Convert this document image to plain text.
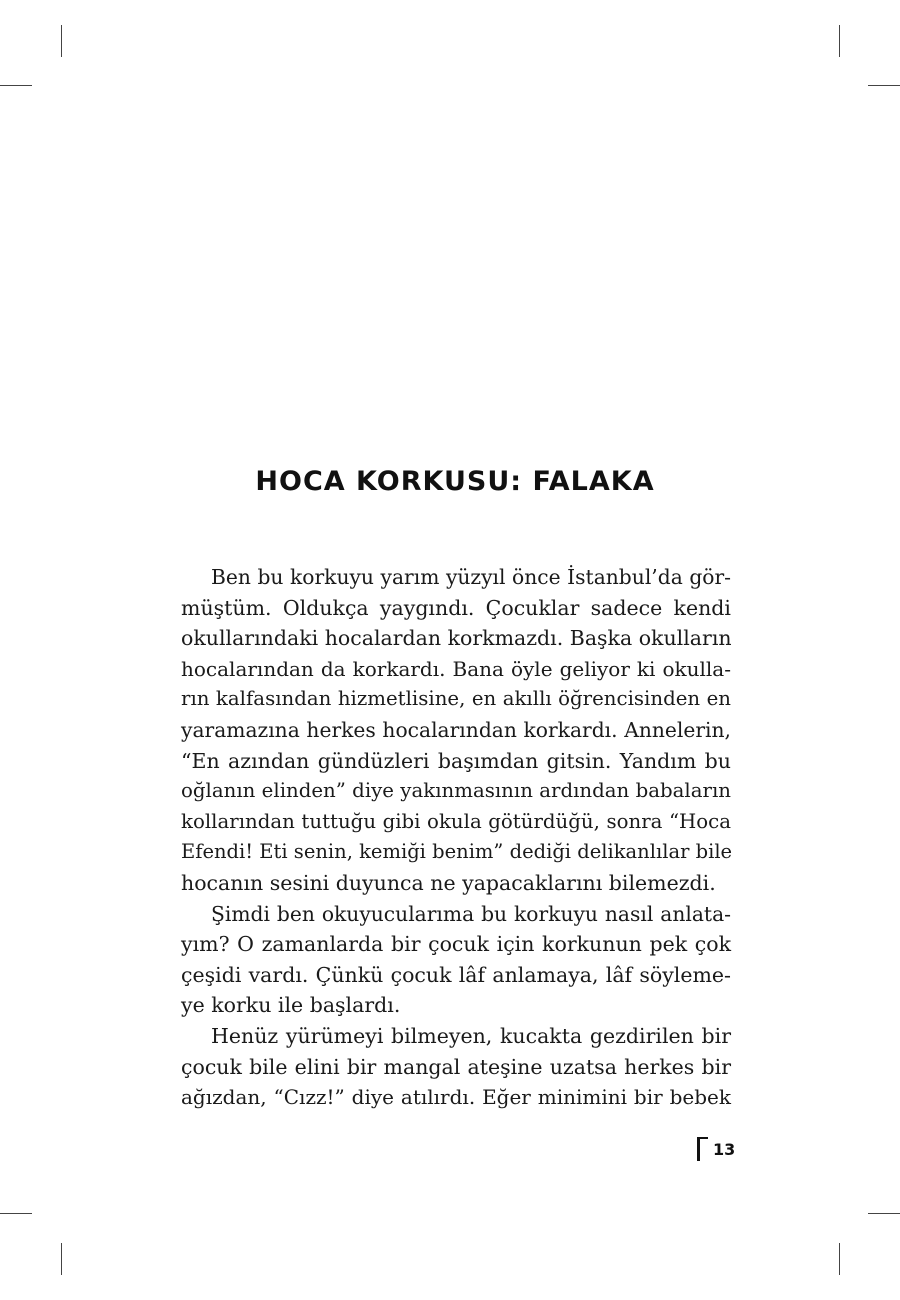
HOCA KORKUSU: FALAKA

Ben bu korkuyu yarım yüzyıl önce İstanbul’da gör-
müştüm. Oldukça yaygındı. Çocuklar sadece kendi
okullarındaki hocalardan korkmazdı. Başka okulların
hocalarından da korkardı. Bana öyle geliyor ki okulla-
rın kalfasından hizmetlisine, en akıllı öğrencisinden en
yaramazına herkes hocalarından korkardı. Annelerin,
“En azından gündüzleri başımdan gitsin. Yandım bu
oğlanın elinden” diye yakınmasının ardından babaların
kollarından tuttuğu gibi okula götürdüğü, sonra “Hoca
Efendi! Eti senin, kemiği benim” dediği delikanlılar bile
hocanın sesini duyunca ne yapacaklarını bilemezdi.

Şimdi ben okuyucularıma bu korkuyu nasıl anlata-
yım? O zamanlarda bir çocuk için korkunun pek çok
çeşidi vardı. Çünkü çocuk lâf anlamaya, lâf söyleme-
ye korku ile başlardı.

Henüz yürümeyi bilmeyen, kucakta gezdirilen bir
çocuk bile elini bir mangal ateşine uzatsa herkes bir
ağızdan, “Cızz!” diye atılırdı. Eğer minimini bir bebek

13
